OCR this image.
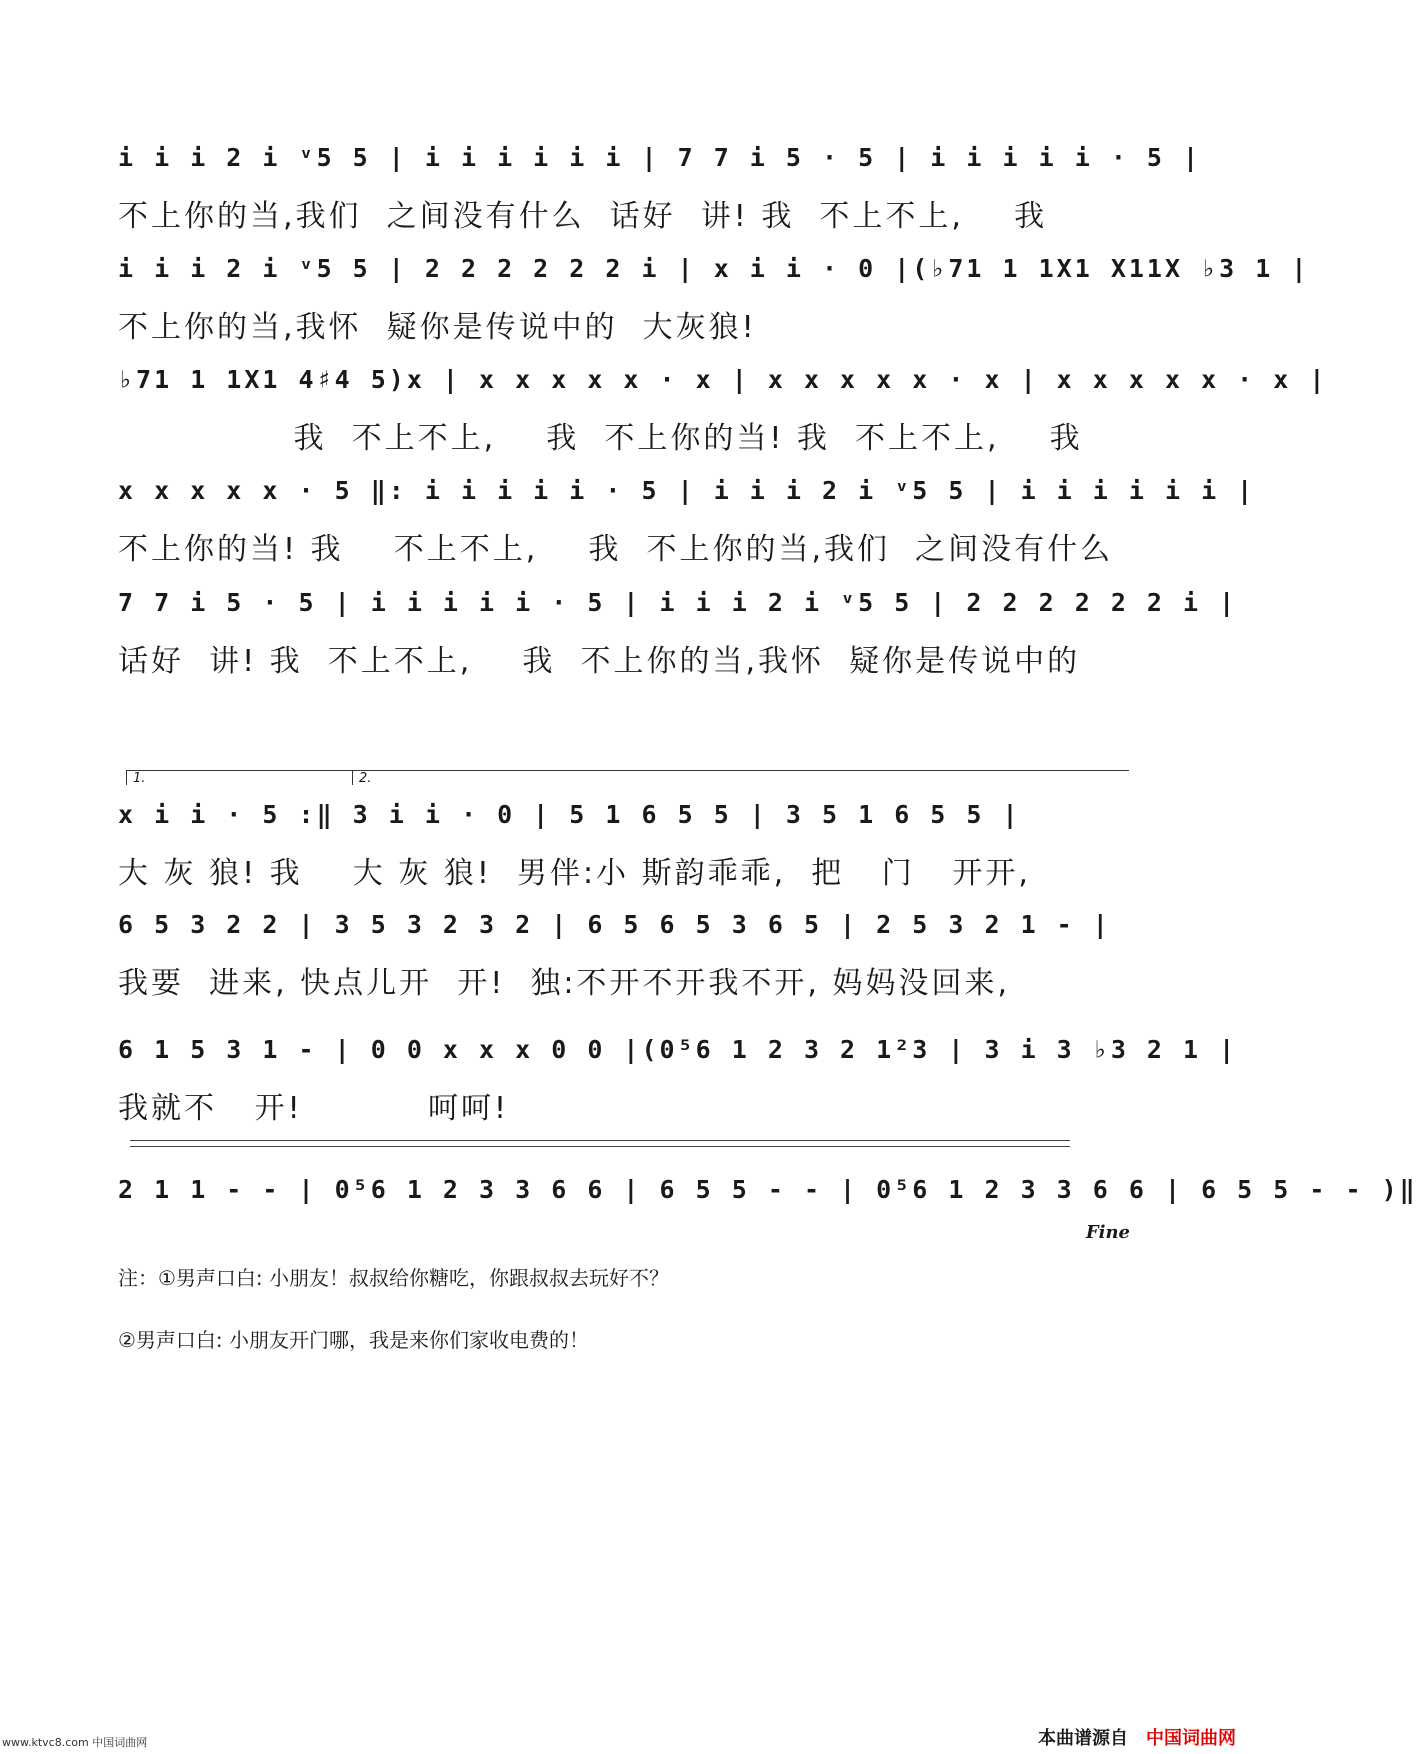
i i i 2 i ᵛ5 5 | i i i i i i | 7 7 i 5 · 5 | i i i i i · 5 |
不上你的当,我们  之间没有什么  话好  讲! 我  不上不上,    我
i i i 2 i ᵛ5 5 | 2 2 2 2 2 2 i | x i i · 0 |(♭71 1 1X1 X11X ♭3 1 |
不上你的当,我怀  疑你是传说中的  大灰狼!
♭71 1 1X1 4♯4 5)x | x x x x x · x | x x x x x · x | x x x x x · x |
我  不上不上,    我  不上你的当! 我  不上不上,    我
x x x x x · 5 ‖: i i i i i · 5 | i i i 2 i ᵛ5 5 | i i i i i i |
不上你的当! 我    不上不上,    我  不上你的当,我们  之间没有什么
7 7 i 5 · 5 | i i i i i · 5 | i i i 2 i ᵛ5 5 | 2 2 2 2 2 2 i |
话好  讲! 我  不上不上,    我  不上你的当,我怀  疑你是传说中的
1.	2.
x i i · 5 :‖ 3 i i · 0 | 5 1 6 5 5 | 3 5 1 6 5 5 |
大 灰 狼! 我    大 灰 狼!  男伴:小 斯韵乖乖,  把   门   开开,
6 5 3 2 2 | 3 5 3 2 3 2 | 6 5 6 5 3 6 5 | 2 5 3 2 1 - |
我要  进来, 快点儿开  开!  独:不开不开我不开, 妈妈没回来,
6 1 5 3 1 - | 0 0 x x x 0 0 |(0⁵6 1 2 3 2 1²3 | 3 i 3 ♭3 2 1 |
我就不   开!          呵呵!
2 1 1 - - | 0⁵6 1 2 3 3 6 6 | 6 5 5 - - | 0⁵6 1 2 3 3 6 6 | 6 5 5 - - )‖
Fine
注：①男声口白: 小朋友！叔叔给你糖吃，你跟叔叔去玩好不？
②男声口白: 小朋友开门哪，我是来你们家收电费的！
www.ktvc8.com 中国词曲网	本曲谱源自 中国词曲网
